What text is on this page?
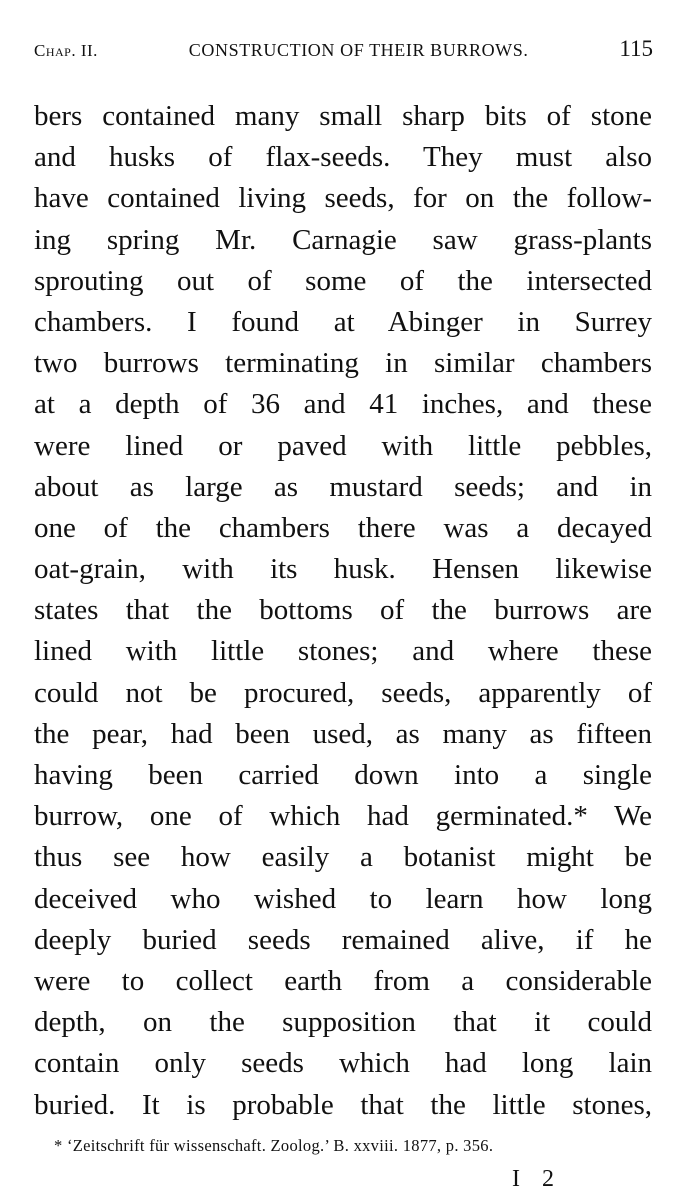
Chap. II.	CONSTRUCTION OF THEIR BURROWS.	115
bers contained many small sharp bits of stone
and husks of flax-seeds. They must also
have contained living seeds, for on the follow-
ing spring Mr. Carnagie saw grass-plants
sprouting out of some of the intersected
chambers. I found at Abinger in Surrey
two burrows terminating in similar chambers
at a depth of 36 and 41 inches, and these
were lined or paved with little pebbles,
about as large as mustard seeds; and in
one of the chambers there was a decayed
oat-grain, with its husk. Hensen likewise
states that the bottoms of the burrows are
lined with little stones; and where these
could not be procured, seeds, apparently of
the pear, had been used, as many as fifteen
having been carried down into a single
burrow, one of which had germinated.* We
thus see how easily a botanist might be
deceived who wished to learn how long
deeply buried seeds remained alive, if he
were to collect earth from a considerable
depth, on the supposition that it could
contain only seeds which had long lain
buried. It is probable that the little stones,
* ‘Zeitschrift für wissenschaft. Zoolog.’ B. xxviii. 1877, p. 356.
I 2
